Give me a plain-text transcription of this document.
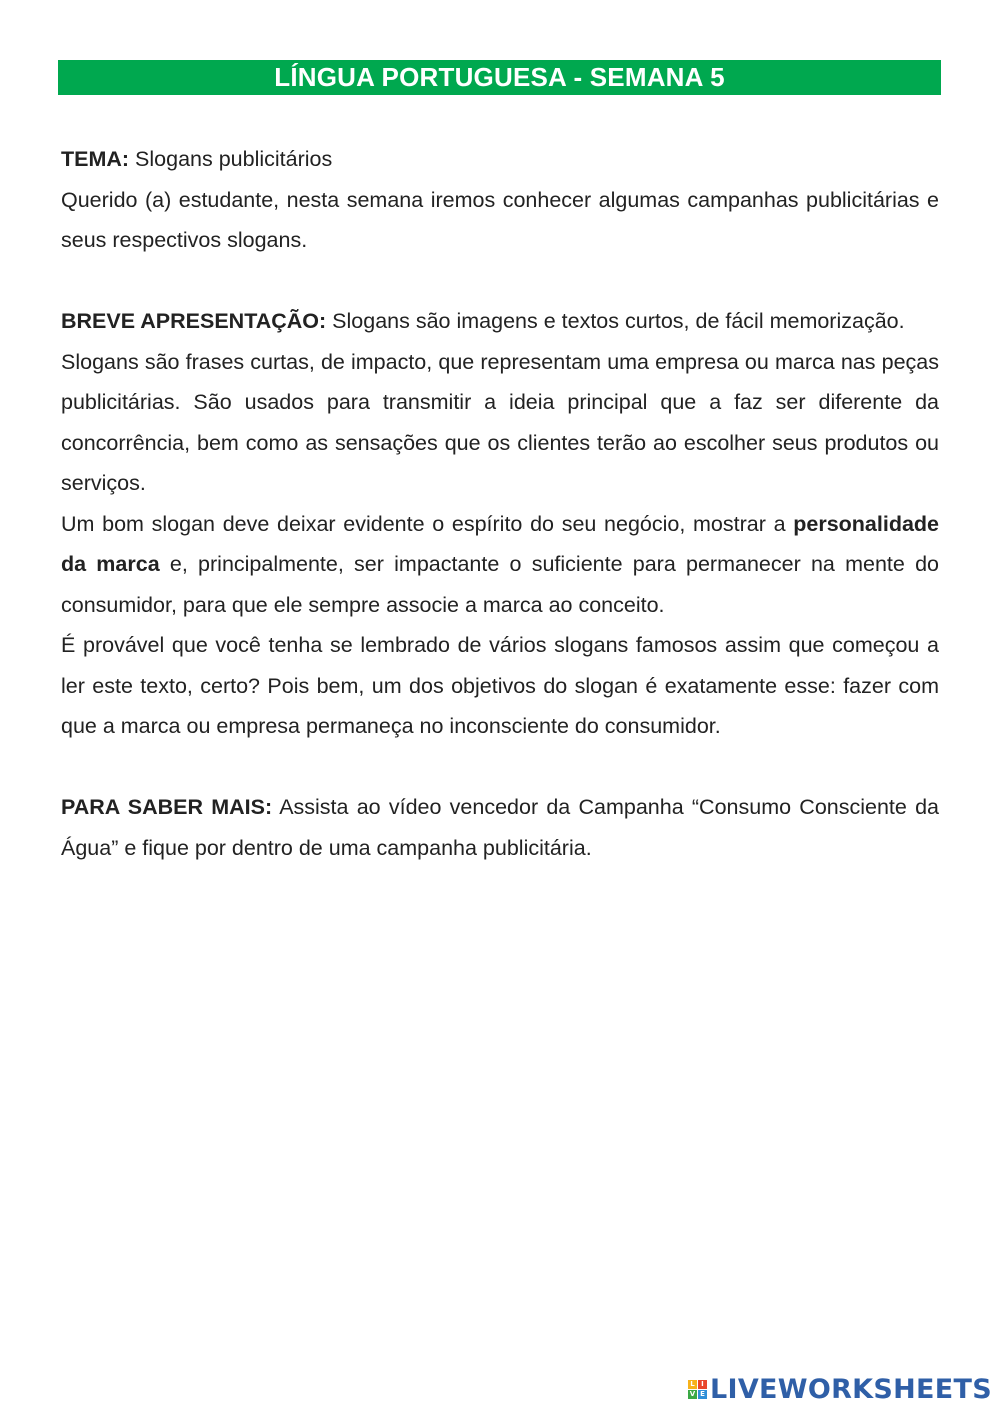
LÍNGUA PORTUGUESA - SEMANA 5

TEMA: Slogans publicitários

Querido (a) estudante, nesta semana iremos conhecer algumas campanhas publicitárias e seus respectivos slogans.

BREVE APRESENTAÇÃO: Slogans são imagens e textos curtos, de fácil memorização.

Slogans são frases curtas, de impacto, que representam uma empresa ou marca nas peças publicitárias. São usados para transmitir a ideia principal que a faz ser diferente da concorrência, bem como as sensações que os clientes terão ao escolher seus produtos ou serviços.

Um bom slogan deve deixar evidente o espírito do seu negócio, mostrar a personalidade da marca e, principalmente, ser impactante o suficiente para permanecer na mente do consumidor, para que ele sempre associe a marca ao conceito.

É provável que você tenha se lembrado de vários slogans famosos assim que começou a ler este texto, certo? Pois bem, um dos objetivos do slogan é exatamente esse: fazer com que a marca ou empresa permaneça no inconsciente do consumidor.

PARA SABER MAIS: Assista ao vídeo vencedor da Campanha “Consumo Consciente da Água” e fique por dentro de uma campanha publicitária.

L I
V E LIVEWORKSHEETS
